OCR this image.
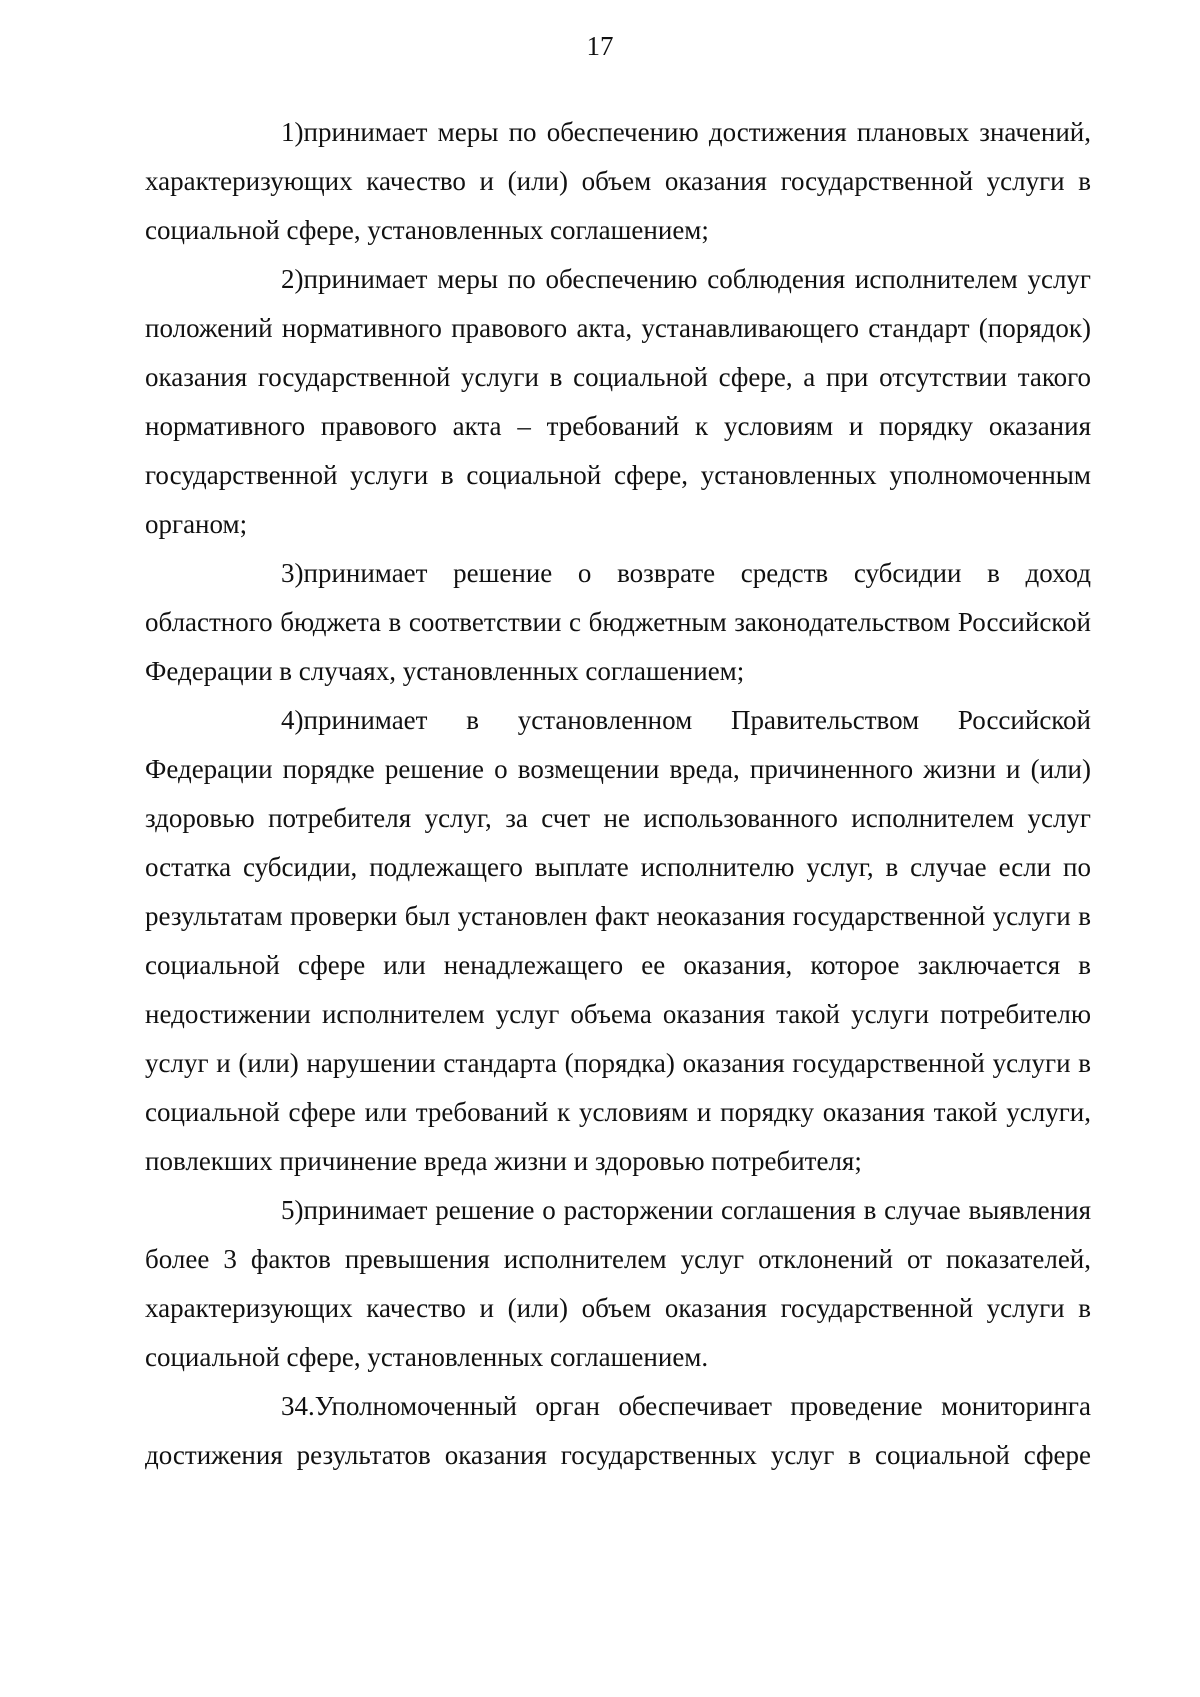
17

1)принимает меры по обеспечению достижения плановых значений, характеризующих качество и (или) объем оказания государственной услуги в социальной сфере, установленных соглашением;

2)принимает меры по обеспечению соблюдения исполнителем услуг положений нормативного правового акта, устанавливающего стандарт (порядок) оказания государственной услуги в социальной сфере, а при отсутствии такого нормативного правового акта – требований к условиям и порядку оказания государственной услуги в социальной сфере, установленных уполномоченным органом;

3)принимает решение о возврате средств субсидии в доход областного бюджета в соответствии с бюджетным законодательством Российской Федерации в случаях, установленных соглашением;

4)принимает в установленном Правительством Российской Федерации порядке решение о возмещении вреда, причиненного жизни и (или) здоровью потребителя услуг, за счет не использованного исполнителем услуг остатка субсидии, подлежащего выплате исполнителю услуг, в случае если по результатам проверки был установлен факт неоказания государственной услуги в социальной сфере или ненадлежащего ее оказания, которое заключается в недостижении исполнителем услуг объема оказания такой услуги потребителю услуг и (или) нарушении стандарта (порядка) оказания государственной услуги в социальной сфере или требований к условиям и порядку оказания такой услуги, повлекших причинение вреда жизни и здоровью потребителя;

5)принимает решение о расторжении соглашения в случае выявления более 3 фактов превышения исполнителем услуг отклонений от показателей, характеризующих качество и (или) объем оказания государственной услуги в социальной сфере, установленных соглашением.

34.Уполномоченный орган обеспечивает проведение мониторинга достижения результатов оказания государственных услуг в социальной сфере
